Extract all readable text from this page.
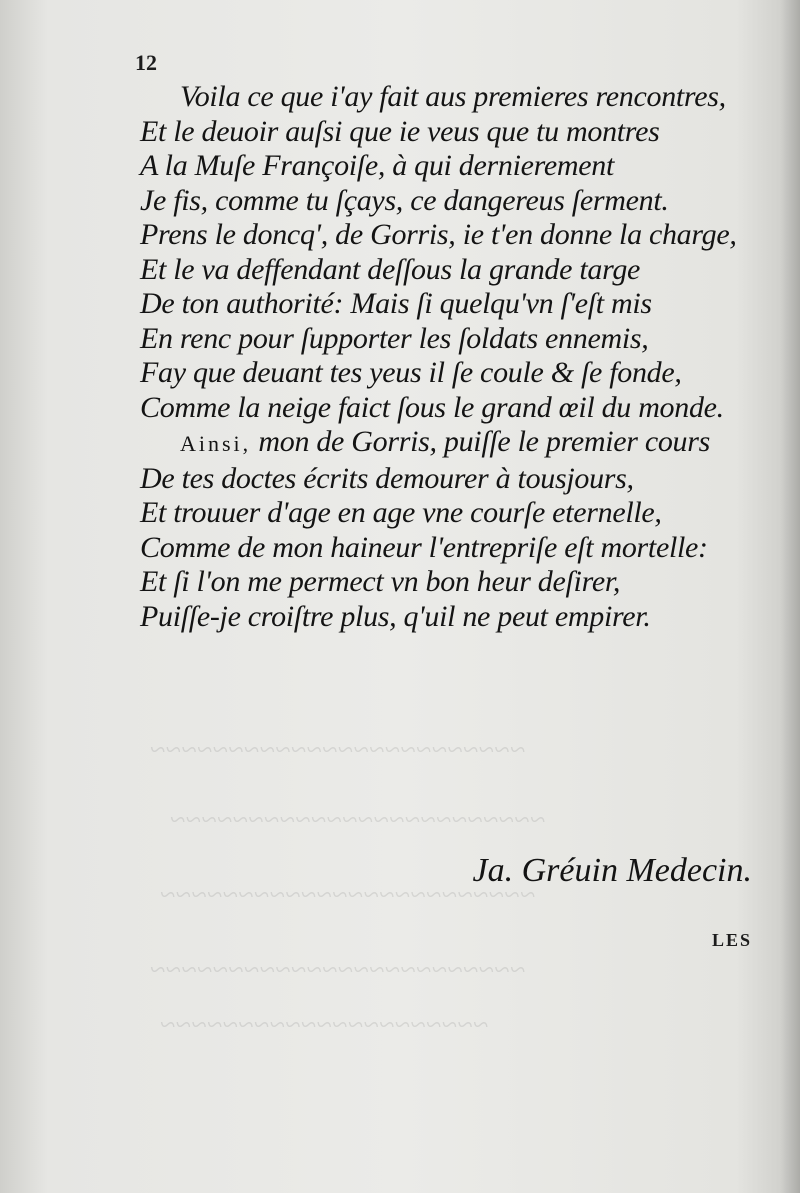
~~~~~~~~~~~~~~~~~~~~~~~~
~~~~~~~~~~~~~~~~~~~~~~~~
~~~~~~~~~~~~~~~~~~~~~~~~
~~~~~~~~~~~~~~~~~~~~~~~~
~~~~~~~~~~~~~~~~~~~~~
12
Voila ce que i'ay fait aus premieres rencontres,
Et le deuoir auſsi que ie veus que tu montres
A la Muſe Françoiſe, à qui dernierement
Je fis, comme tu ſçays, ce dangereus ſerment.
Prens le doncq', de Gorris, ie t'en donne la charge,
Et le va deffendant deſſous la grande targe
De ton authorité: Mais ſi quelqu'vn ſ'eſt mis
En renc pour ſupporter les ſoldats ennemis,
Fay que deuant tes yeus il ſe coule & ſe fonde,
Comme la neige faict ſous le grand œil du monde.
Ainsi, mon de Gorris, puiſſe le premier cours
De tes doctes écrits demourer à tousjours,
Et trouuer d'age en age vne courſe eternelle,
Comme de mon haineur l'entrepriſe eſt mortelle:
Et ſi l'on me permect vn bon heur deſirer,
Puiſſe-je croiſtre plus, q'uil ne peut empirer.
Ja. Gréuin Medecin.
LES
